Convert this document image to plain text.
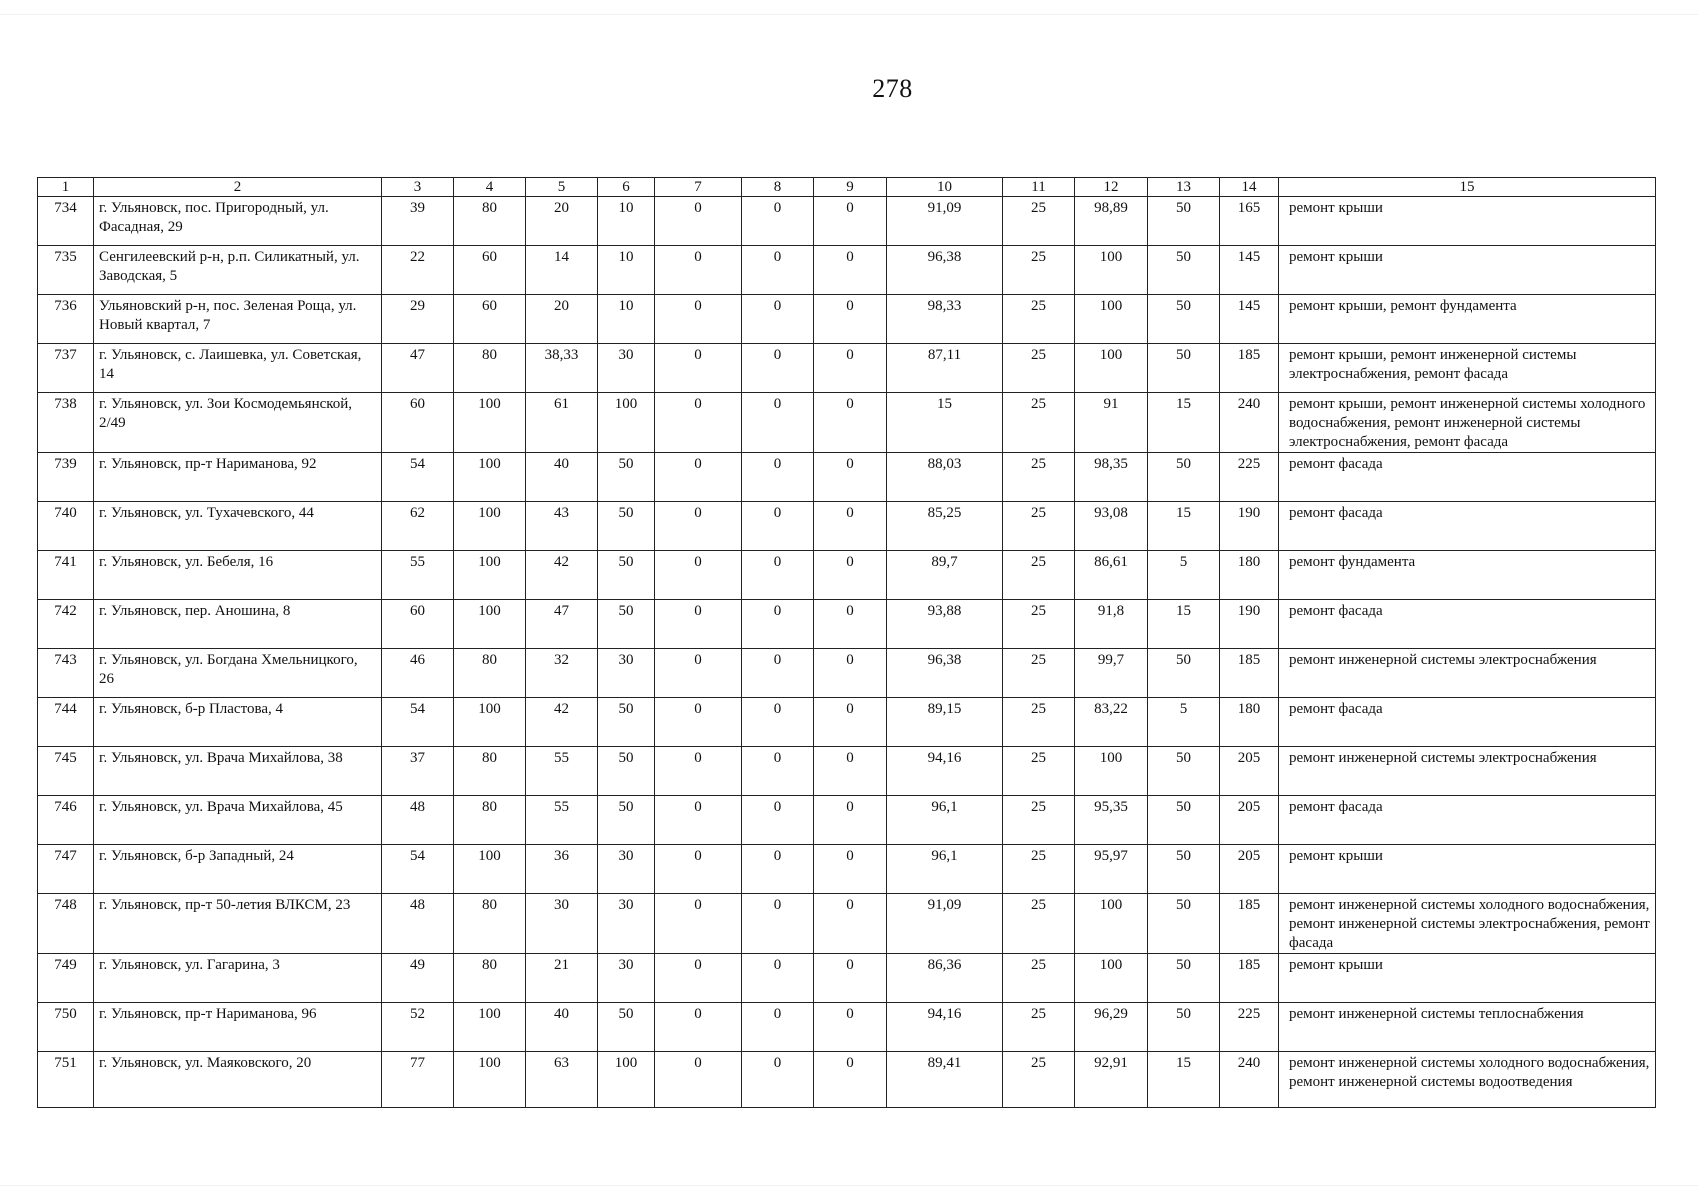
278
1	2	3	4	5	6	7	8	9	10	11	12	13	14	15
734	г. Ульяновск, пос. Пригородный, ул. Фасадная, 29	39	80	20	10	0	0	0	91,09	25	98,89	50	165	ремонт крыши
735	Сенгилеевский р-н, р.п. Силикатный, ул. Заводская, 5	22	60	14	10	0	0	0	96,38	25	100	50	145	ремонт крыши
736	Ульяновский р-н, пос. Зеленая Роща, ул. Новый квартал, 7	29	60	20	10	0	0	0	98,33	25	100	50	145	ремонт крыши, ремонт фундамента
737	г. Ульяновск, с. Лаишевка, ул. Советская, 14	47	80	38,33	30	0	0	0	87,11	25	100	50	185	ремонт крыши, ремонт инженерной системы электроснабжения, ремонт фасада
738	г. Ульяновск, ул. Зои Космодемьянской, 2/49	60	100	61	100	0	0	0	15	25	91	15	240	ремонт крыши, ремонт инженерной системы холодного водоснабжения, ремонт инженерной системы электроснабжения, ремонт фасада
739	г. Ульяновск, пр-т Нариманова, 92	54	100	40	50	0	0	0	88,03	25	98,35	50	225	ремонт фасада
740	г. Ульяновск, ул. Тухачевского, 44	62	100	43	50	0	0	0	85,25	25	93,08	15	190	ремонт фасада
741	г. Ульяновск, ул. Бебеля, 16	55	100	42	50	0	0	0	89,7	25	86,61	5	180	ремонт фундамента
742	г. Ульяновск, пер. Аношина, 8	60	100	47	50	0	0	0	93,88	25	91,8	15	190	ремонт фасада
743	г. Ульяновск, ул. Богдана Хмельницкого, 26	46	80	32	30	0	0	0	96,38	25	99,7	50	185	ремонт инженерной системы электроснабжения
744	г. Ульяновск, б-р Пластова, 4	54	100	42	50	0	0	0	89,15	25	83,22	5	180	ремонт фасада
745	г. Ульяновск, ул. Врача Михайлова, 38	37	80	55	50	0	0	0	94,16	25	100	50	205	ремонт инженерной системы электроснабжения
746	г. Ульяновск, ул. Врача Михайлова, 45	48	80	55	50	0	0	0	96,1	25	95,35	50	205	ремонт фасада
747	г. Ульяновск, б-р Западный, 24	54	100	36	30	0	0	0	96,1	25	95,97	50	205	ремонт крыши
748	г. Ульяновск, пр-т 50-летия ВЛКСМ, 23	48	80	30	30	0	0	0	91,09	25	100	50	185	ремонт инженерной системы холодного водоснабжения, ремонт инженерной системы электроснабжения, ремонт фасада
749	г. Ульяновск, ул. Гагарина, 3	49	80	21	30	0	0	0	86,36	25	100	50	185	ремонт крыши
750	г. Ульяновск, пр-т Нариманова, 96	52	100	40	50	0	0	0	94,16	25	96,29	50	225	ремонт инженерной системы теплоснабжения
751	г. Ульяновск, ул. Маяковского, 20	77	100	63	100	0	0	0	89,41	25	92,91	15	240	ремонт инженерной системы холодного водоснабжения, ремонт инженерной системы водоотведения
